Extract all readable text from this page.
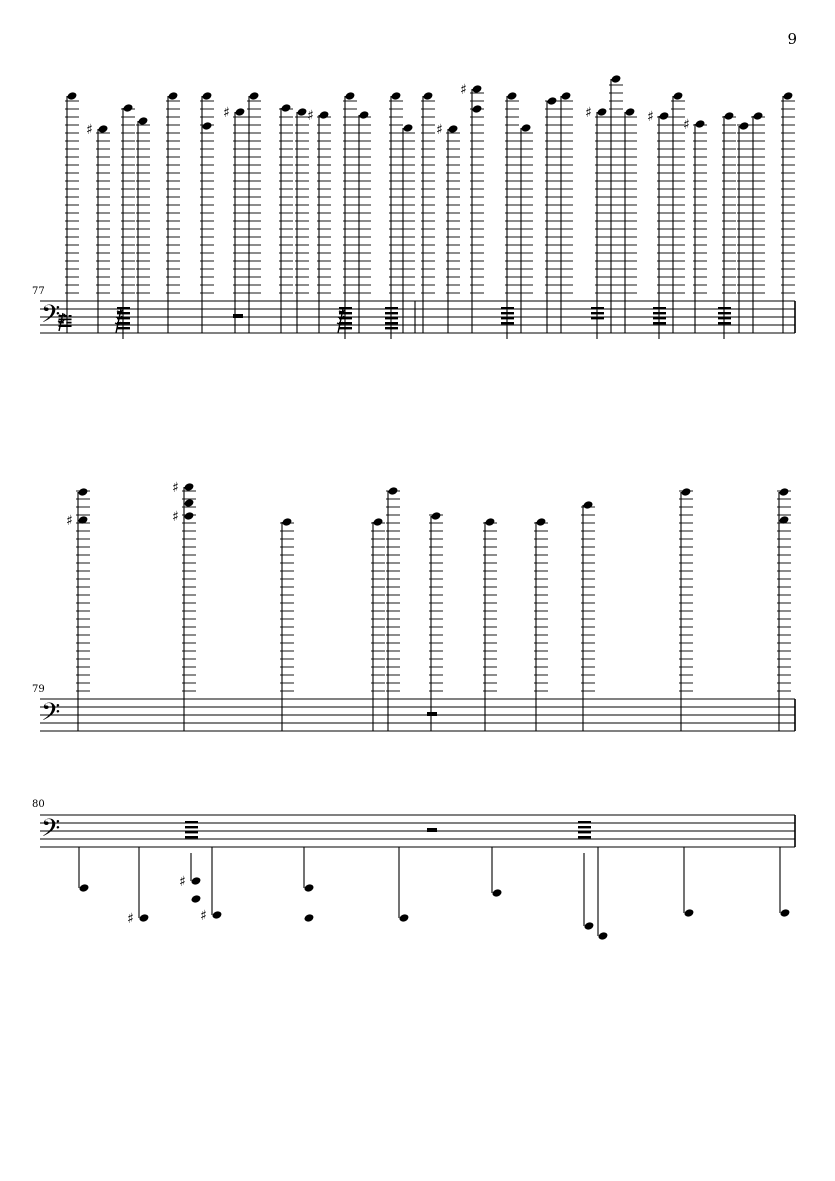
9
77
79
80
𝄢
𝌿
♯
♯	♯
♯
♯
♯	♯ ♯
𝄢
♯	♯
♯
𝄢
♯
♯
♯
